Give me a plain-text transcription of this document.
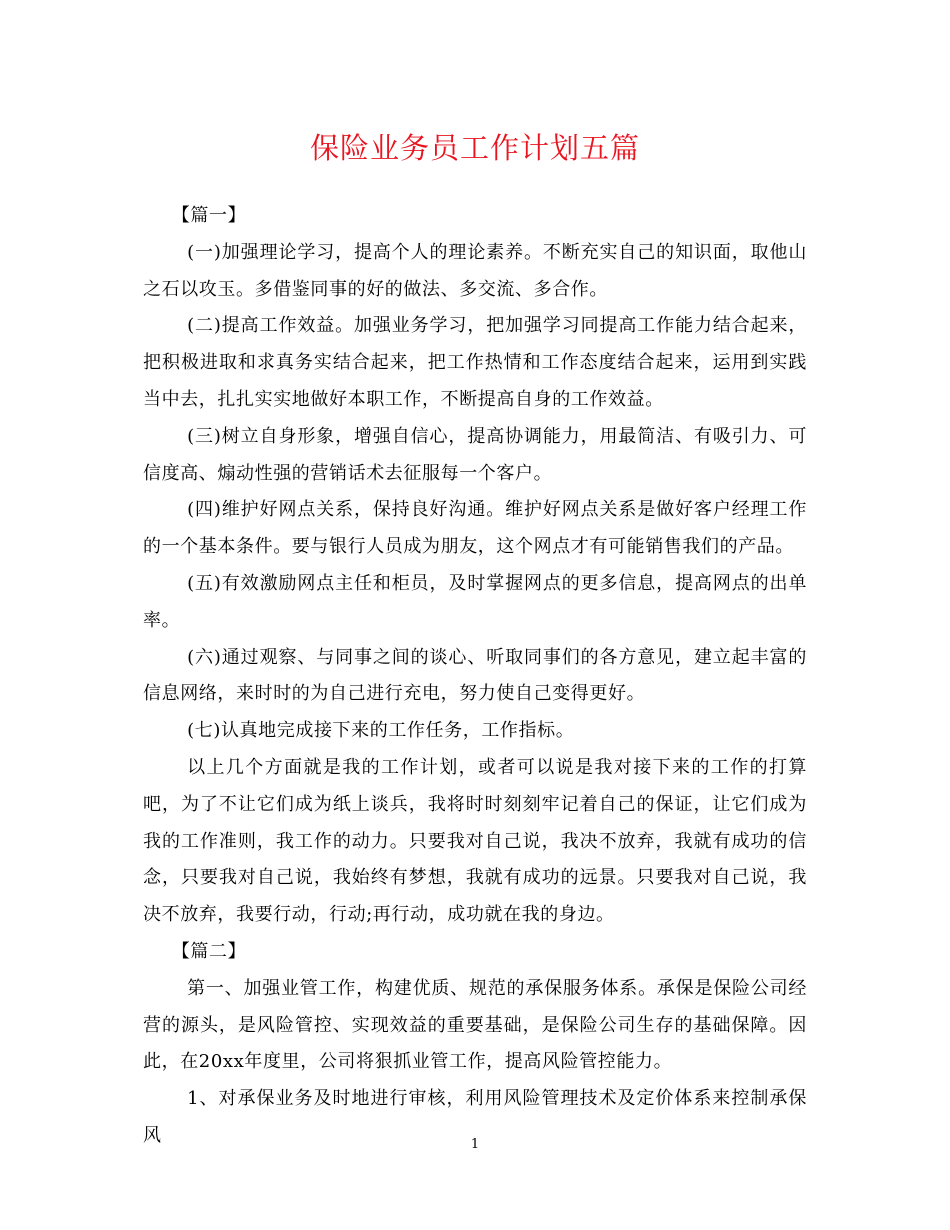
保险业务员工作计划五篇

【篇一】

(一)加强理论学习，提高个人的理论素养。不断充实自己的知识面，取他山之石以攻玉。多借鉴同事的好的做法、多交流、多合作。

(二)提高工作效益。加强业务学习，把加强学习同提高工作能力结合起来，把积极进取和求真务实结合起来，把工作热情和工作态度结合起来，运用到实践当中去，扎扎实实地做好本职工作，不断提高自身的工作效益。

(三)树立自身形象，增强自信心，提高协调能力，用最简洁、有吸引力、可信度高、煽动性强的营销话术去征服每一个客户。

(四)维护好网点关系，保持良好沟通。维护好网点关系是做好客户经理工作的一个基本条件。要与银行人员成为朋友，这个网点才有可能销售我们的产品。

(五)有效激励网点主任和柜员，及时掌握网点的更多信息，提高网点的出单率。

(六)通过观察、与同事之间的谈心、听取同事们的各方意见，建立起丰富的信息网络，来时时的为自己进行充电，努力使自己变得更好。

(七)认真地完成接下来的工作任务，工作指标。

以上几个方面就是我的工作计划，或者可以说是我对接下来的工作的打算吧，为了不让它们成为纸上谈兵，我将时时刻刻牢记着自己的保证，让它们成为我的工作准则，我工作的动力。只要我对自己说，我决不放弃，我就有成功的信念，只要我对自己说，我始终有梦想，我就有成功的远景。只要我对自己说，我决不放弃，我要行动，行动;再行动，成功就在我的身边。

【篇二】

第一、加强业管工作，构建优质、规范的承保服务体系。承保是保险公司经营的源头，是风险管控、实现效益的重要基础，是保险公司生存的基础保障。因此，在20xx年度里，公司将狠抓业管工作，提高风险管控能力。

1、对承保业务及时地进行审核，利用风险管理技术及定价体系来控制承保风	1
